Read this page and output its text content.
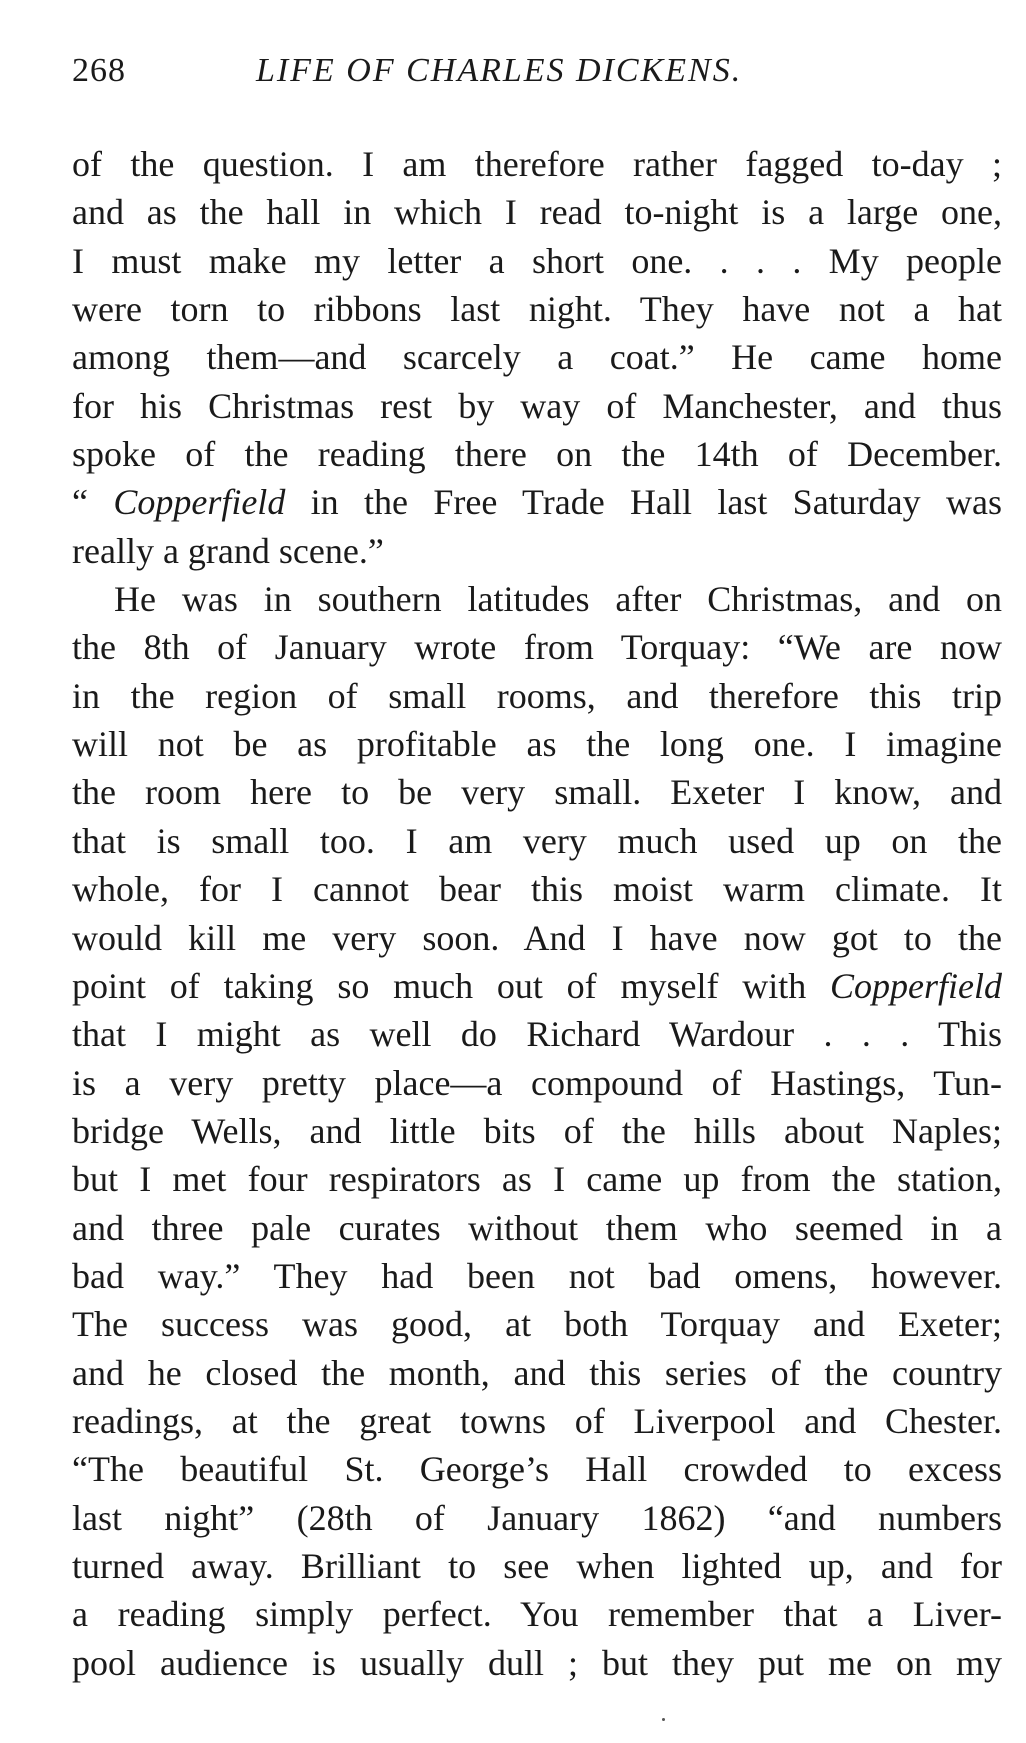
268	LIFE OF CHARLES DICKENS.
of the question. I am therefore rather fagged to-day ;
and as the hall in which I read to-night is a large one,
I must make my letter a short one. . . . My people
were torn to ribbons last night. They have not a hat
among them—and scarcely a coat.” He came home
for his Christmas rest by way of Manchester, and thus
spoke of the reading there on the 14th of December.
“ Copperfield in the Free Trade Hall last Saturday was
really a grand scene.”
He was in southern latitudes after Christmas, and on
the 8th of January wrote from Torquay: “We are now
in the region of small rooms, and therefore this trip
will not be as profitable as the long one. I imagine
the room here to be very small. Exeter I know, and
that is small too. I am very much used up on the
whole, for I cannot bear this moist warm climate. It
would kill me very soon. And I have now got to the
point of taking so much out of myself with Copperfield
that I might as well do Richard Wardour . . . This
is a very pretty place—a compound of Hastings, Tun-
bridge Wells, and little bits of the hills about Naples;
but I met four respirators as I came up from the station,
and three pale curates without them who seemed in a
bad way.” They had been not bad omens, however.
The success was good, at both Torquay and Exeter;
and he closed the month, and this series of the country
readings, at the great towns of Liverpool and Chester.
“The beautiful St. George’s Hall crowded to excess
last night” (28th of January 1862) “and numbers
turned away. Brilliant to see when lighted up, and for
a reading simply perfect. You remember that a Liver-
pool audience is usually dull ; but they put me on my
